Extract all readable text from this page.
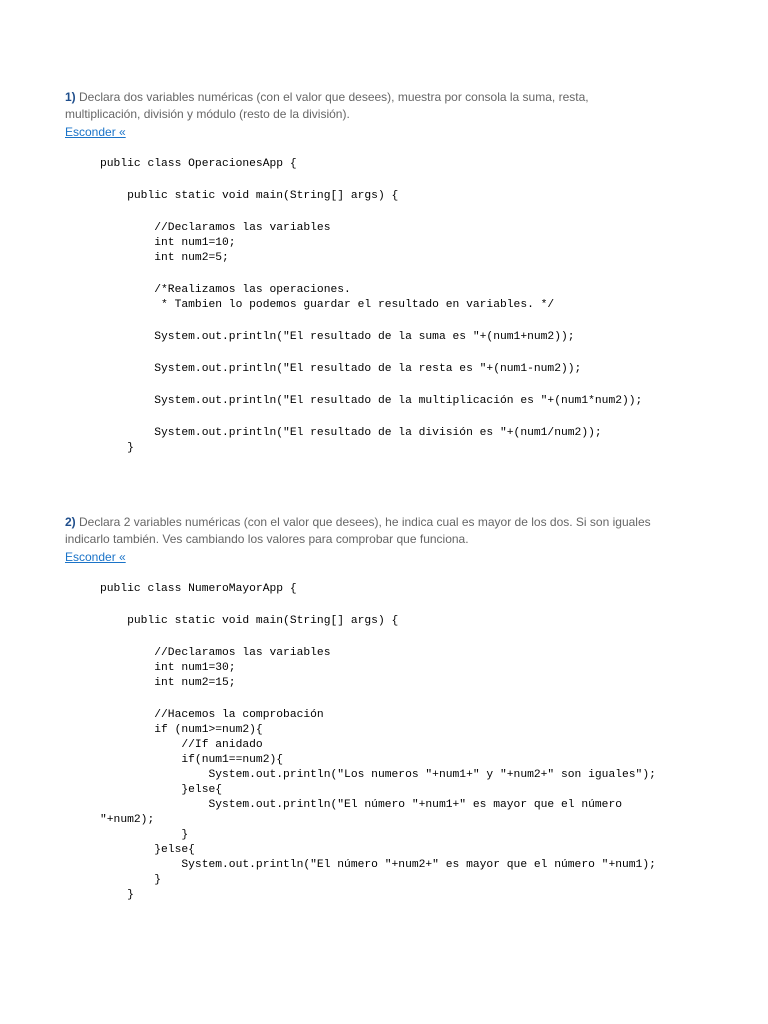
1) Declara dos variables numéricas (con el valor que desees), muestra por consola la suma, resta, multiplicación, división y módulo (resto de la división).

Esconder «
public class OperacionesApp {
public static void main(String[] args) {
//Declaramos las variables
int num1=10;
int num2=5;
/*Realizamos las operaciones.
* Tambien lo podemos guardar el resultado en variables. */
System.out.println("El resultado de la suma es "+(num1+num2));
System.out.println("El resultado de la resta es "+(num1-num2));
System.out.println("El resultado de la multiplicación es "+(num1*num2));
System.out.println("El resultado de la división es "+(num1/num2));
}

2) Declara 2 variables numéricas (con el valor que desees), he indica cual es mayor de los dos. Si son iguales indicarlo también. Ves cambiando los valores para comprobar que funciona.

Esconder «
public class NumeroMayorApp {
public static void main(String[] args) {
//Declaramos las variables
int num1=30;
int num2=15;
//Hacemos la comprobación
if (num1>=num2){
//If anidado
if(num1==num2){
System.out.println("Los numeros "+num1+" y "+num2+" son iguales");
}else{
System.out.println("El número "+num1+" es mayor que el número
"+num2);
}
}else{
System.out.println("El número "+num2+" es mayor que el número "+num1);
}
}
